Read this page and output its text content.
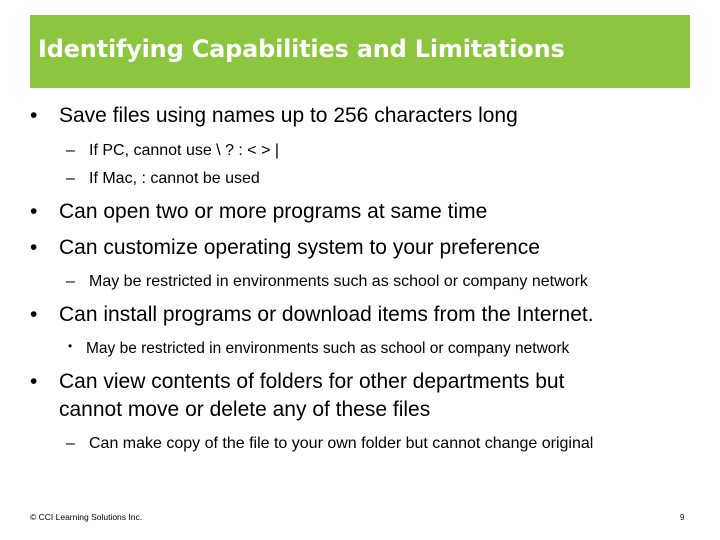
Identifying Capabilities and Limitations
• Save files using names up to 256 characters long
– If PC, cannot use \ ? : < > |
– If Mac, : cannot be used
• Can open two or more programs at same time
• Can customize operating system to your preference
– May be restricted in environments such as school or company network
• Can install programs or download items from the Internet.
• May be restricted in environments such as school or company network
• Can view contents of folders for other departments but
cannot move or delete any of these files
– Can make copy of the file to your own folder but cannot change original
© CCI Learning Solutions Inc.	9
